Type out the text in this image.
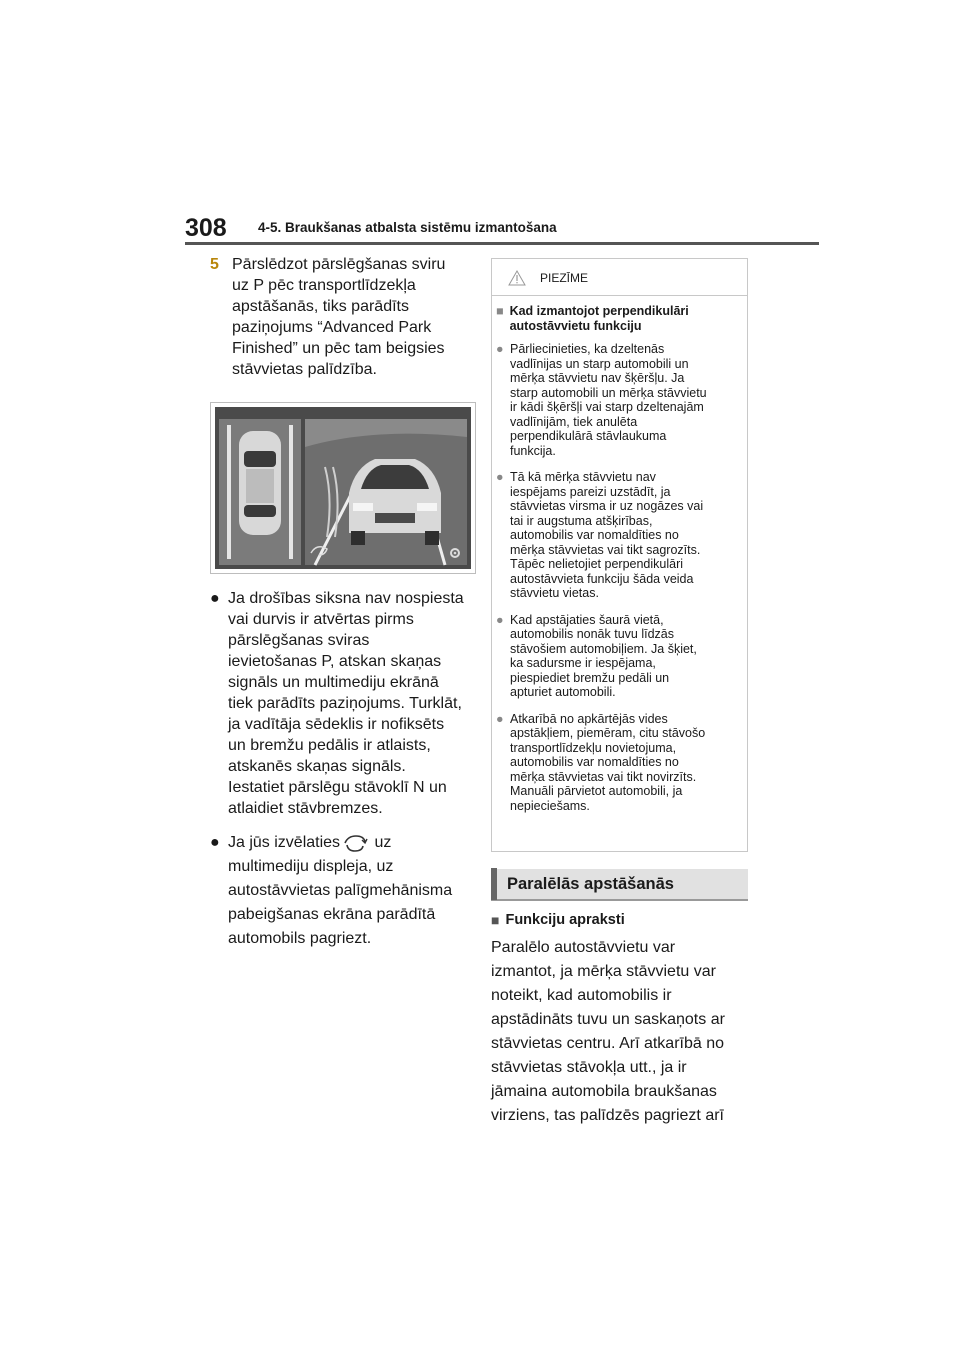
308 4-5. Braukšanas atbalsta sistēmu izmantošana
5 Pārslēdzot pārslēgšanas sviru
uz P pēc transportlīdzekļa
apstāšanās, tiks parādīts
paziņojums “Advanced Park
Finished” un pēc tam beigsies
stāvvietas palīdzība.
● Ja drošības siksna nav nospiesta
vai durvis ir atvērtas pirms
pārslēgšanas sviras
ievietošanas P, atskan skaņas
signāls un multimediju ekrānā
tiek parādīts paziņojums. Turklāt,
ja vadītāja sēdeklis ir nofiksēts
un bremžu pedālis ir atlaists,
atskanēs skaņas signāls.
Iestatiet pārslēgu stāvoklī N un
atlaidiet stāvbremzes.
● Ja jūs izvēlaties uz
multimediju displeja, uz
autostāvvietas palīgmehānisma
pabeigšanas ekrāna parādītā
automobils pagriezt.
PIEZĪME
■ Kad izmantojot perpendikulāri
autostāvvietu funkciju
● Pārliecinieties, ka dzeltenās
vadlīnijas un starp automobili un
mērķa stāvvietu nav šķēršļu. Ja
starp automobili un mērķa stāvvietu
ir kādi šķēršļi vai starp dzeltenajām
vadlīnijām, tiek anulēta
perpendikulārā stāvlaukuma
funkcija.
● Tā kā mērķa stāvvietu nav
iespējams pareizi uzstādīt, ja
stāvvietas virsma ir uz nogāzes vai
tai ir augstuma atšķirības,
automobilis var nomaldīties no
mērķa stāvvietas vai tikt sagrozīts.
Tāpēc nelietojiet perpendikulāri
autostāvvieta funkciju šāda veida
stāvvietu vietas.
● Kad apstājaties šaurā vietā,
automobilis nonāk tuvu līdzās
stāvošiem automobiļiem. Ja šķiet,
ka sadursme ir iespējama,
piespiediet bremžu pedāli un
apturiet automobili.
● Atkarībā no apkārtējās vides
apstākļiem, piemēram, citu stāvošo
transportlīdzekļu novietojuma,
automobilis var nomaldīties no
mērķa stāvvietas vai tikt novirzīts.
Manuāli pārvietot automobili, ja
nepieciešams.
Paralēlās apstāšanās
■ Funkciju apraksti
Paralēlo autostāvvietu var
izmantot, ja mērķa stāvvietu var
noteikt, kad automobilis ir
apstādināts tuvu un saskaņots ar
stāvvietas centru. Arī atkarībā no
stāvvietas stāvokļa utt., ja ir
jāmaina automobila braukšanas
virziens, tas palīdzēs pagriezt arī
